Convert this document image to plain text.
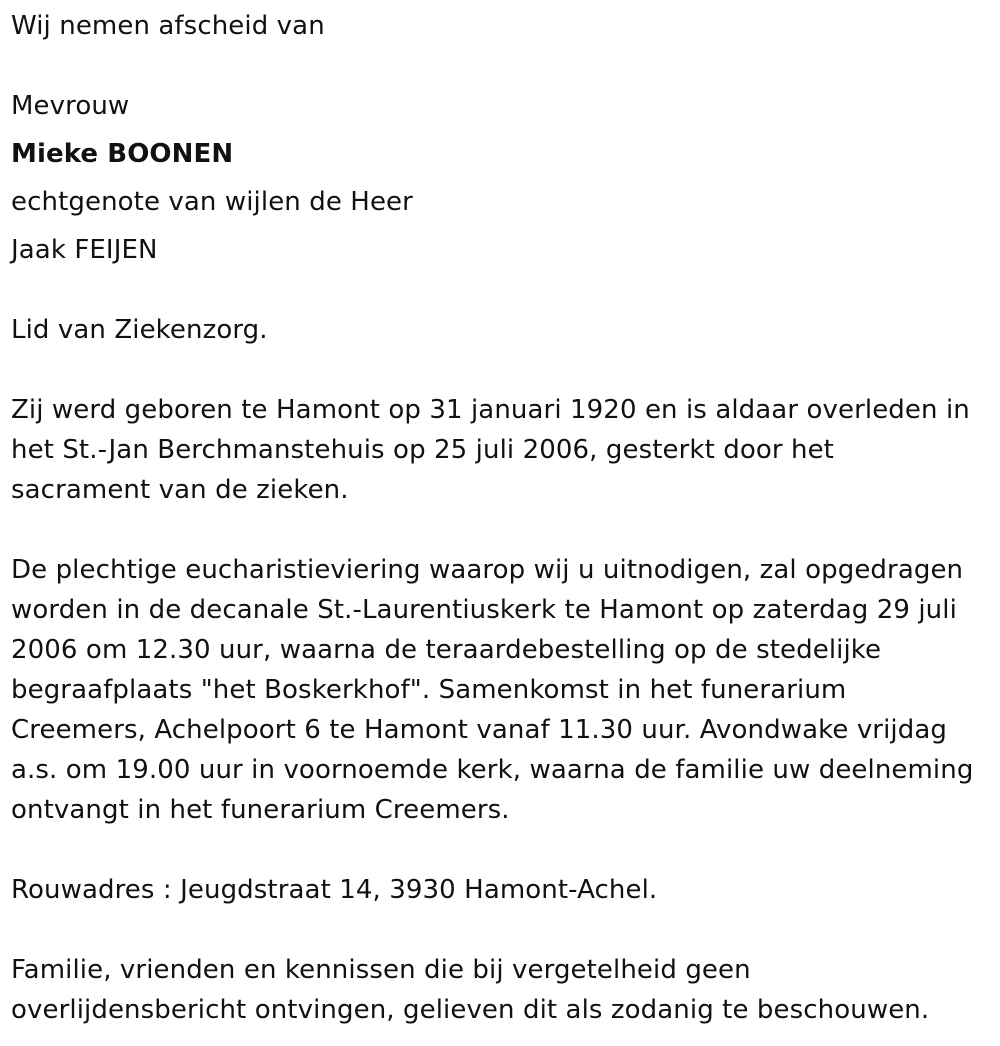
Wij nemen afscheid van
Mevrouw
Mieke BOONEN
echtgenote van wijlen de Heer
Jaak FEIJEN
Lid van Ziekenzorg.
Zij werd geboren te Hamont op 31 januari 1920 en is aldaar overleden in
het St.-Jan Berchmanstehuis op 25 juli 2006, gesterkt door het
sacrament van de zieken.
De plechtige eucharistieviering waarop wij u uitnodigen, zal opgedragen
worden in de decanale St.-Laurentiuskerk te Hamont op zaterdag 29 juli
2006 om 12.30 uur, waarna de teraardebestelling op de stedelijke
begraafplaats "het Boskerkhof". Samenkomst in het funerarium
Creemers, Achelpoort 6 te Hamont vanaf 11.30 uur. Avondwake vrijdag
a.s. om 19.00 uur in voornoemde kerk, waarna de familie uw deelneming
ontvangt in het funerarium Creemers.
Rouwadres : Jeugdstraat 14, 3930 Hamont-Achel.
Familie, vrienden en kennissen die bij vergetelheid geen
overlijdensbericht ontvingen, gelieven dit als zodanig te beschouwen.
